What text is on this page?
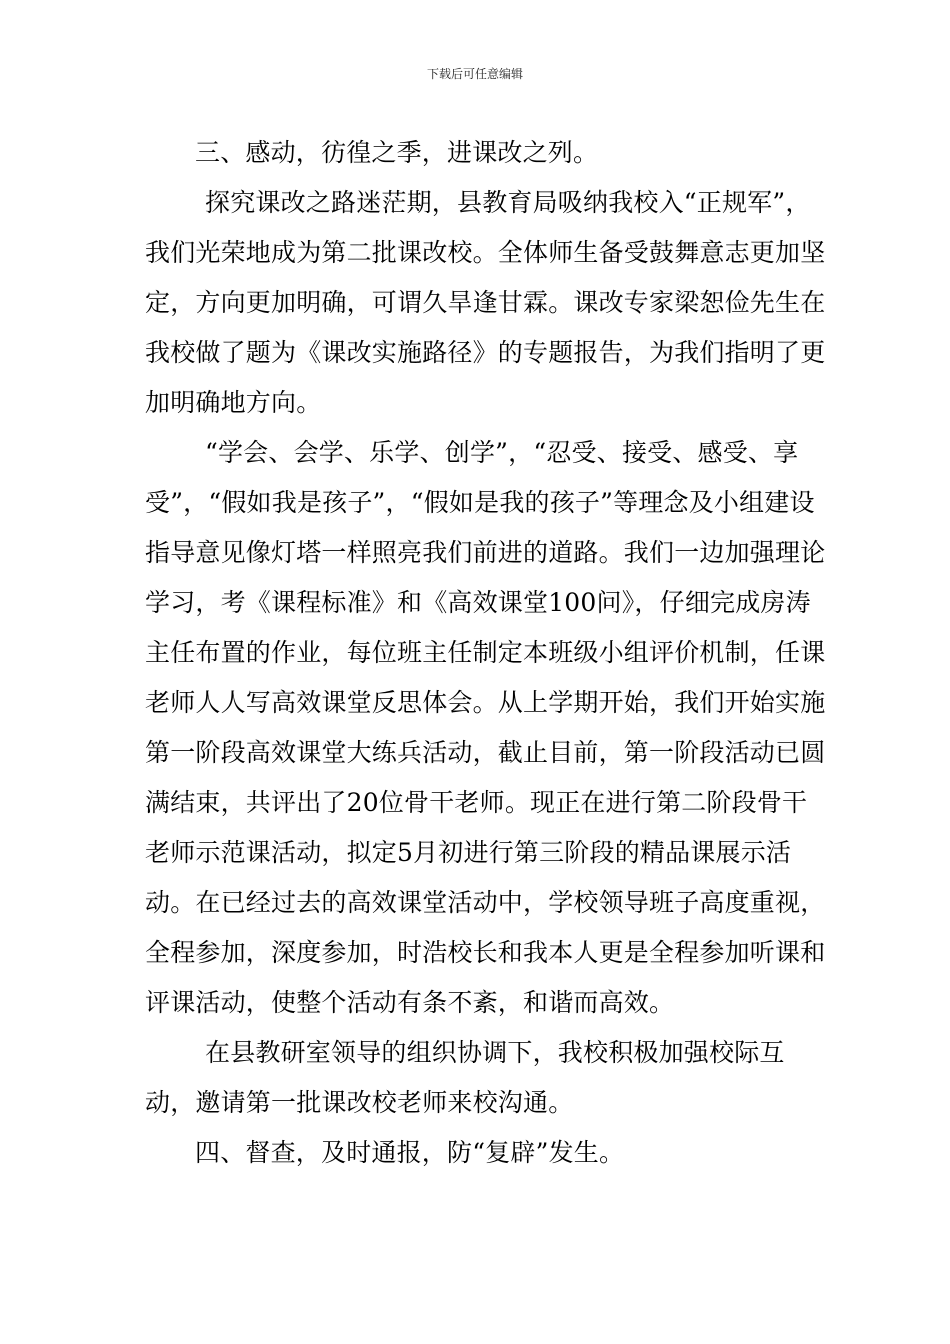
下载后可任意编辑

三、感动，彷徨之季，进课改之列。

探究课改之路迷茫期，县教育局吸纳我校入“正规军”，我们光荣地成为第二批课改校。全体师生备受鼓舞意志更加坚定，方向更加明确，可谓久旱逢甘霖。课改专家梁恕俭先生在我校做了题为《课改实施路径》的专题报告，为我们指明了更加明确地方向。

“学会、会学、乐学、创学”，“忍受、接受、感受、享受”，“假如我是孩子”，“假如是我的孩子”等理念及小组建设指导意见像灯塔一样照亮我们前进的道路。我们一边加强理论学习，考《课程标准》和《高效课堂100问》，仔细完成房涛主任布置的作业，每位班主任制定本班级小组评价机制，任课老师人人写高效课堂反思体会。从上学期开始，我们开始实施第一阶段高效课堂大练兵活动，截止目前，第一阶段活动已圆满结束，共评出了20位骨干老师。现正在进行第二阶段骨干老师示范课活动，拟定5月初进行第三阶段的精品课展示活动。在已经过去的高效课堂活动中，学校领导班子高度重视，全程参加，深度参加，时浩校长和我本人更是全程参加听课和评课活动，使整个活动有条不紊，和谐而高效。

在县教研室领导的组织协调下，我校积极加强校际互动，邀请第一批课改校老师来校沟通。

四、督查，及时通报，防“复辟”发生。
